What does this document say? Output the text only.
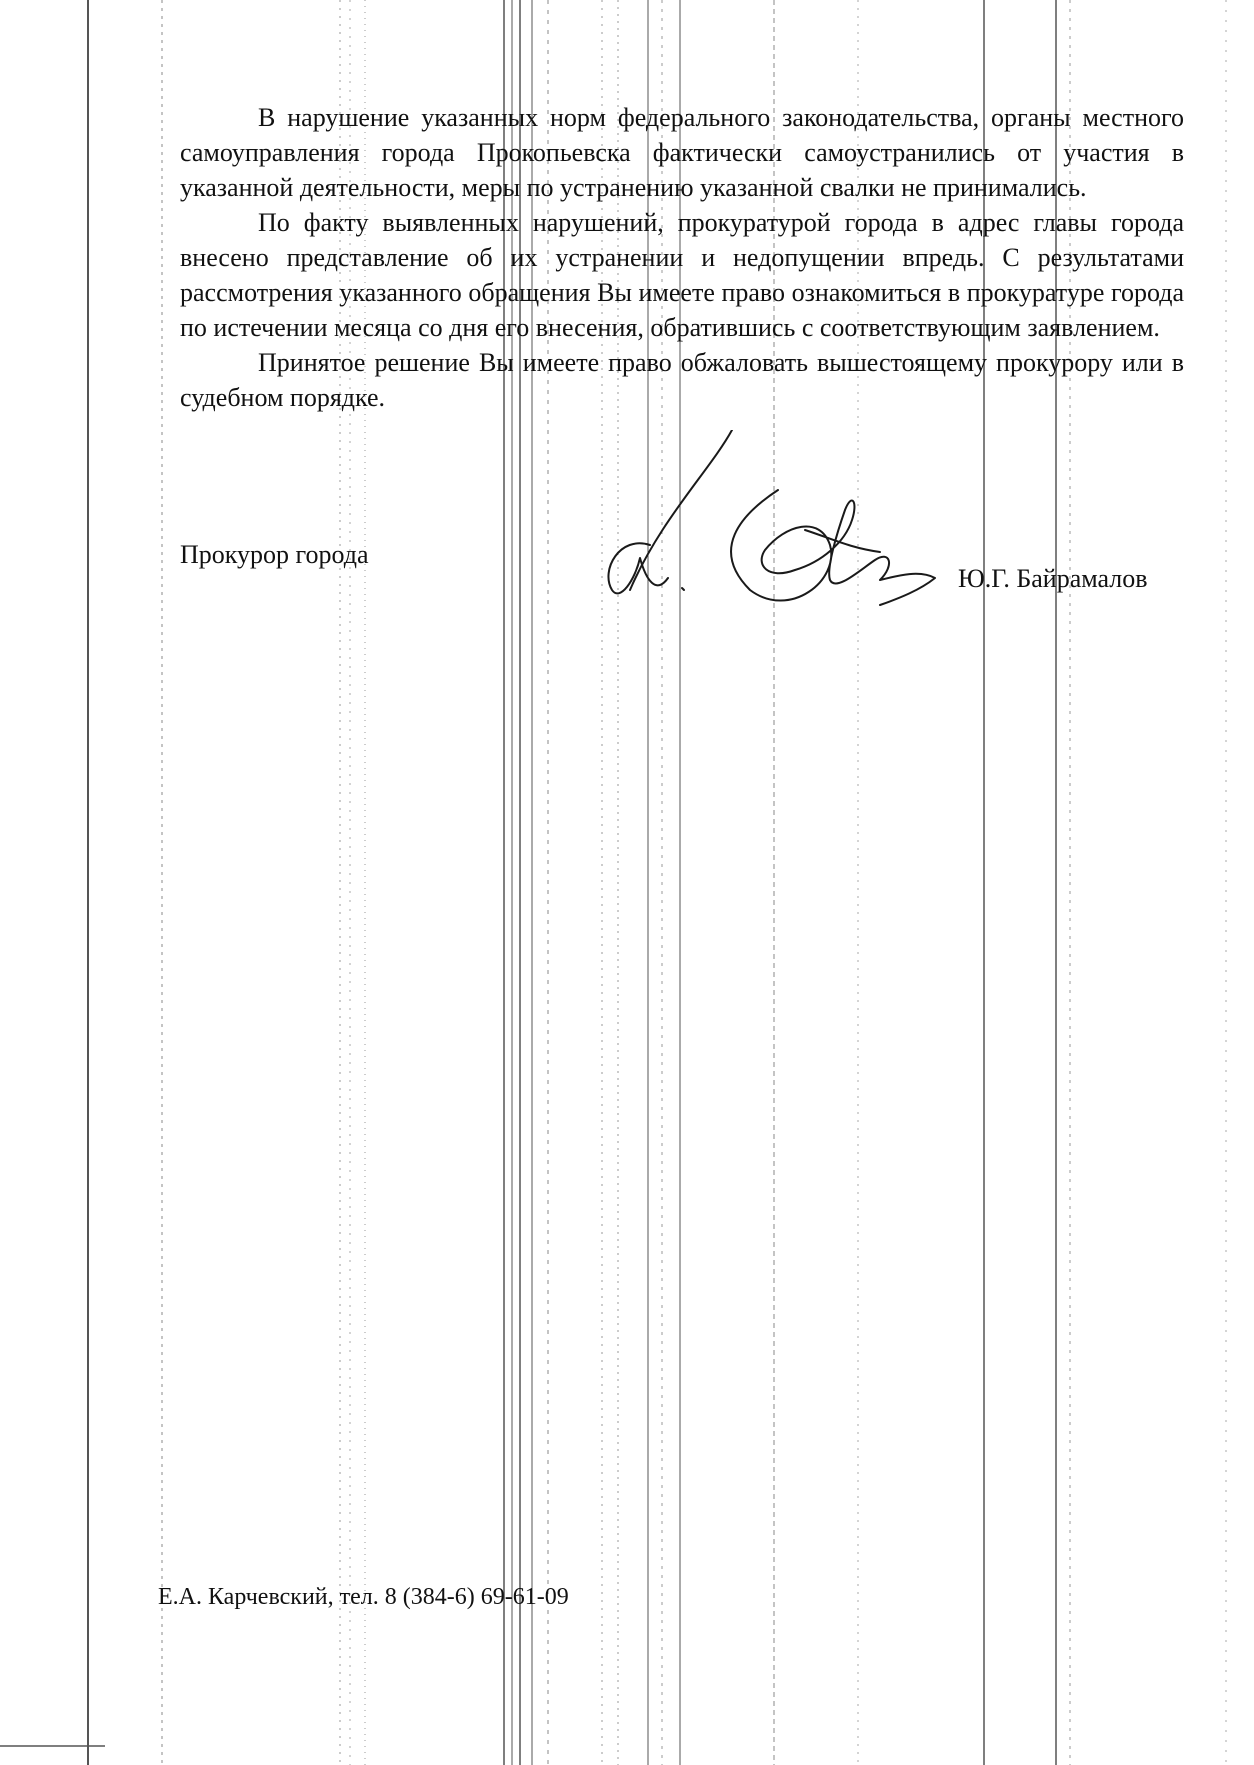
В нарушение указанных норм федерального законодательства, органы местного самоуправления города Прокопьевска фактически самоустранились от участия в указанной деятельности, меры по устранению указанной свалки не принимались.

По факту выявленных нарушений, прокуратурой города в адрес главы города внесено представление об их устранении и недопущении впредь. С результатами рассмотрения указанного обращения Вы имеете право ознакомиться в прокуратуре города по истечении месяца со дня его внесения, обратившись с соответствующим заявлением.

Принятое решение Вы имеете право обжаловать вышестоящему прокурору или в судебном порядке.

Прокурор города
Ю.Г. Байрамалов
Е.А. Карчевский, тел. 8 (384-6) 69-61-09
